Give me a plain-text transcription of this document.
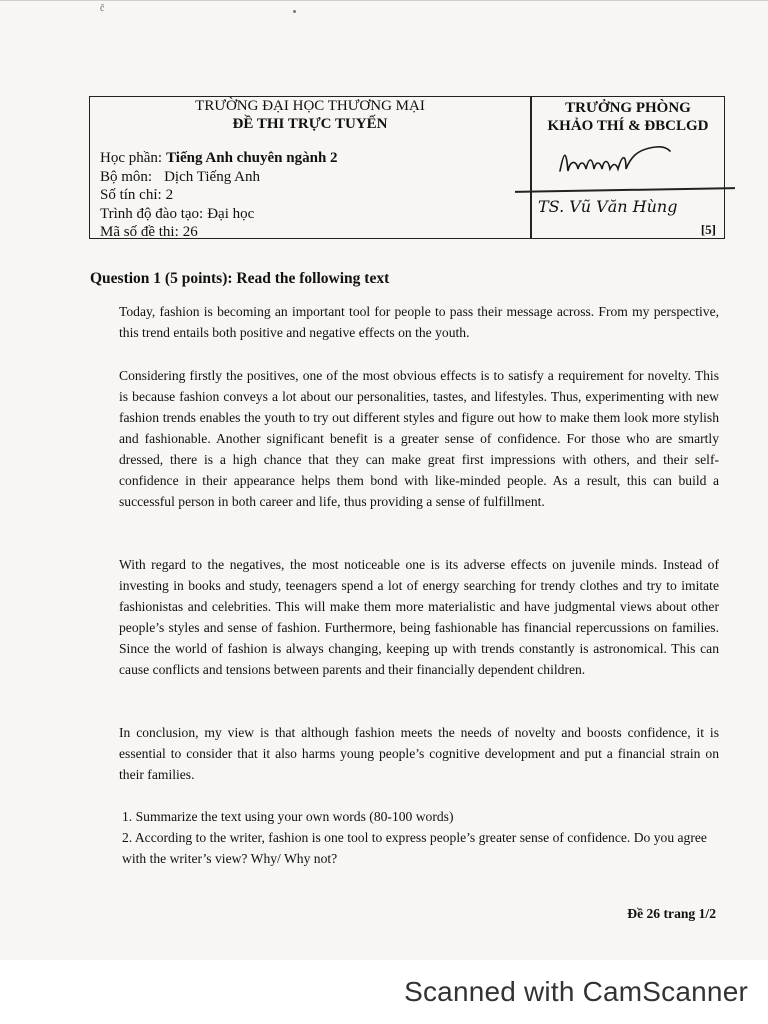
č
TRƯỜNG ĐẠI HỌC THƯƠNG MẠI
ĐỀ THI TRỰC TUYẾN
Học phần: Tiếng Anh chuyên ngành 2
Bộ môn: Dịch Tiếng Anh
Số tín chỉ: 2
Trình độ đào tạo: Đại học
Mã số đề thi: 26
TRƯỞNG PHÒNG
KHẢO THÍ & ĐBCLGD
TS. Vũ Văn Hùng
[5]
Question 1 (5 points): Read the following text
Today, fashion is becoming an important tool for people to pass their message across. From my perspective, this trend entails both positive and negative effects on the youth.
Considering firstly the positives, one of the most obvious effects is to satisfy a requirement for novelty. This is because fashion conveys a lot about our personalities, tastes, and lifestyles. Thus, experimenting with new fashion trends enables the youth to try out different styles and figure out how to make them look more stylish and fashionable. Another significant benefit is a greater sense of confidence. For those who are smartly dressed, there is a high chance that they can make great first impressions with others, and their self-confidence in their appearance helps them bond with like-minded people. As a result, this can build a successful person in both career and life, thus providing a sense of fulfillment.
With regard to the negatives, the most noticeable one is its adverse effects on juvenile minds. Instead of investing in books and study, teenagers spend a lot of energy searching for trendy clothes and try to imitate fashionistas and celebrities. This will make them more materialistic and have judgmental views about other people’s styles and sense of fashion. Furthermore, being fashionable has financial repercussions on families. Since the world of fashion is always changing, keeping up with trends constantly is astronomical. This can cause conflicts and tensions between parents and their financially dependent children.
In conclusion, my view is that although fashion meets the needs of novelty and boosts confidence, it is essential to consider that it also harms young people’s cognitive development and put a financial strain on their families.
1. Summarize the text using your own words (80-100 words)
2. According to the writer, fashion is one tool to express people’s greater sense of confidence. Do you agree with the writer’s view? Why/ Why not?
Đề 26 trang 1/2
Scanned with CamScanner
